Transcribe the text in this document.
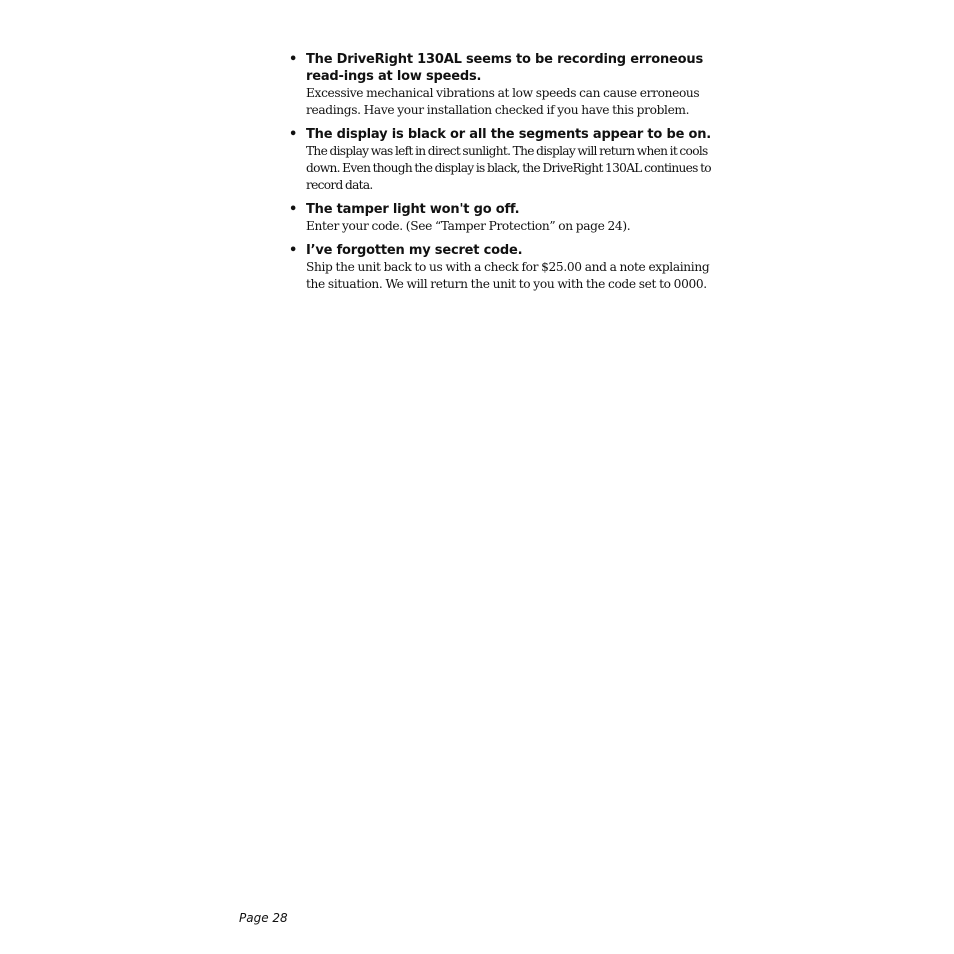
• The DriveRight 130AL seems to be recording erroneous read-ings at low speeds.
Excessive mechanical vibrations at low speeds can cause erroneous readings. Have your installation checked if you have this problem.
• The display is black or all the segments appear to be on.
The display was left in direct sunlight. The display will return when it cools down. Even though the display is black, the DriveRight 130AL continues to record data.
• The tamper light won't go off.
Enter your code. (See “Tamper Protection” on page 24).
• I’ve forgotten my secret code.
Ship the unit back to us with a check for $25.00 and a note explaining the situation. We will return the unit to you with the code set to 0000.
Page 28
